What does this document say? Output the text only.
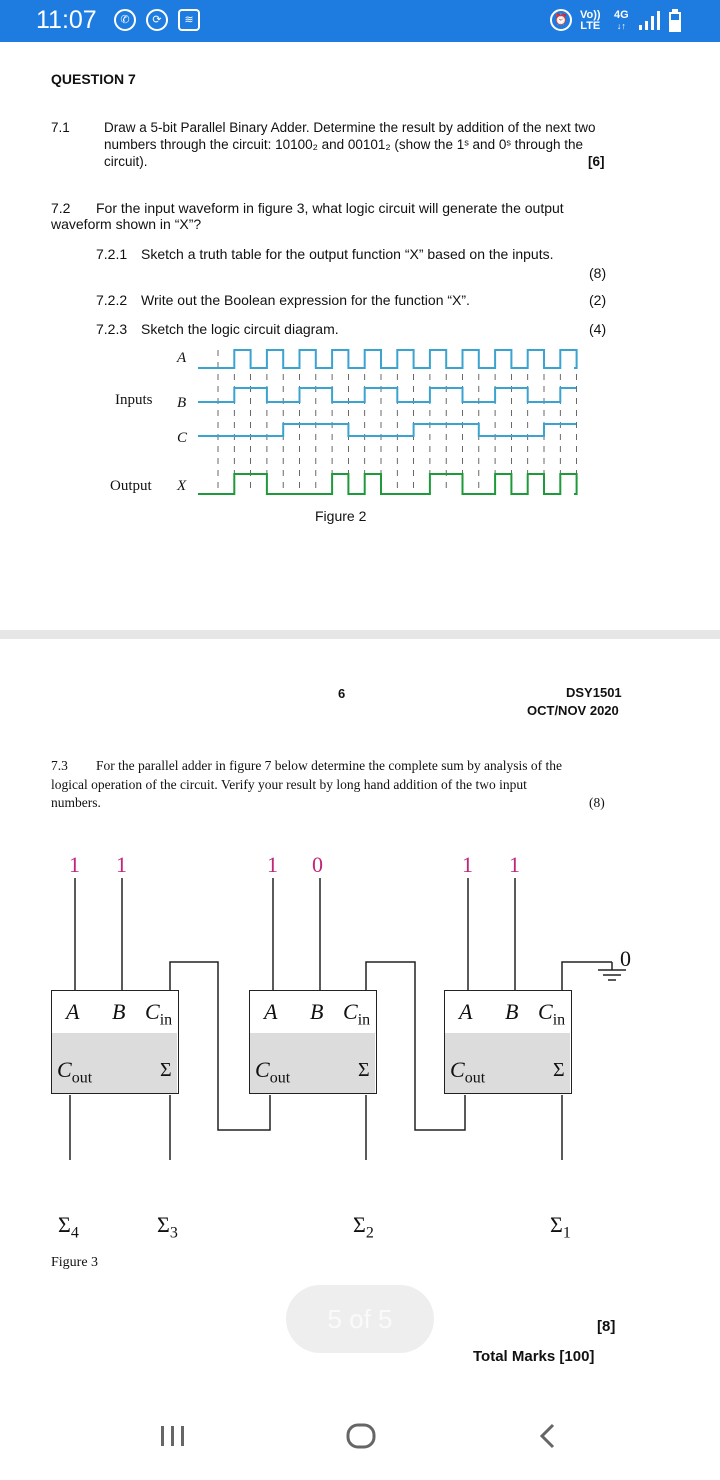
11:07	✆	⟳	≋	⏰	Vo))
LTE
4G
↓↑
QUESTION 7
7.1	Draw a 5-bit Parallel Binary Adder. Determine the result by addition of the next two
numbers through the circuit: 10100₂ and 00101₂ (show the 1ˢ and 0ˢ through the
circuit).	[6]
7.2 For the input waveform in figure 3, what logic circuit will generate the output
waveform shown in “X”?
7.2.1 Sketch a truth table for the output function “X” based on the inputs.
(8)
7.2.2 Write out the Boolean expression for the function “X”.	(2)
7.2.3 Sketch the logic circuit diagram.	(4)
A
Inputs B
C
Output X
Figure 2
6	DSY1501
OCT/NOV 2020
7.3 For the parallel adder in figure 7 below determine the complete sum by analysis of the
logical operation of the circuit. Verify your result by long hand addition of the two input
numbers.	(8)
1 1	1 0	1 1
0
A B $C_{in}$
$C_{out}$	Σ
A B $C_{in}$
$C_{out}$	Σ
A B $C_{in}$
$C_{out}$	Σ
$\Sigma_4$	$\Sigma_3$	$\Sigma_2$	$\Sigma_1$
Figure 3
5 of 5	[8]
Total Marks [100]
